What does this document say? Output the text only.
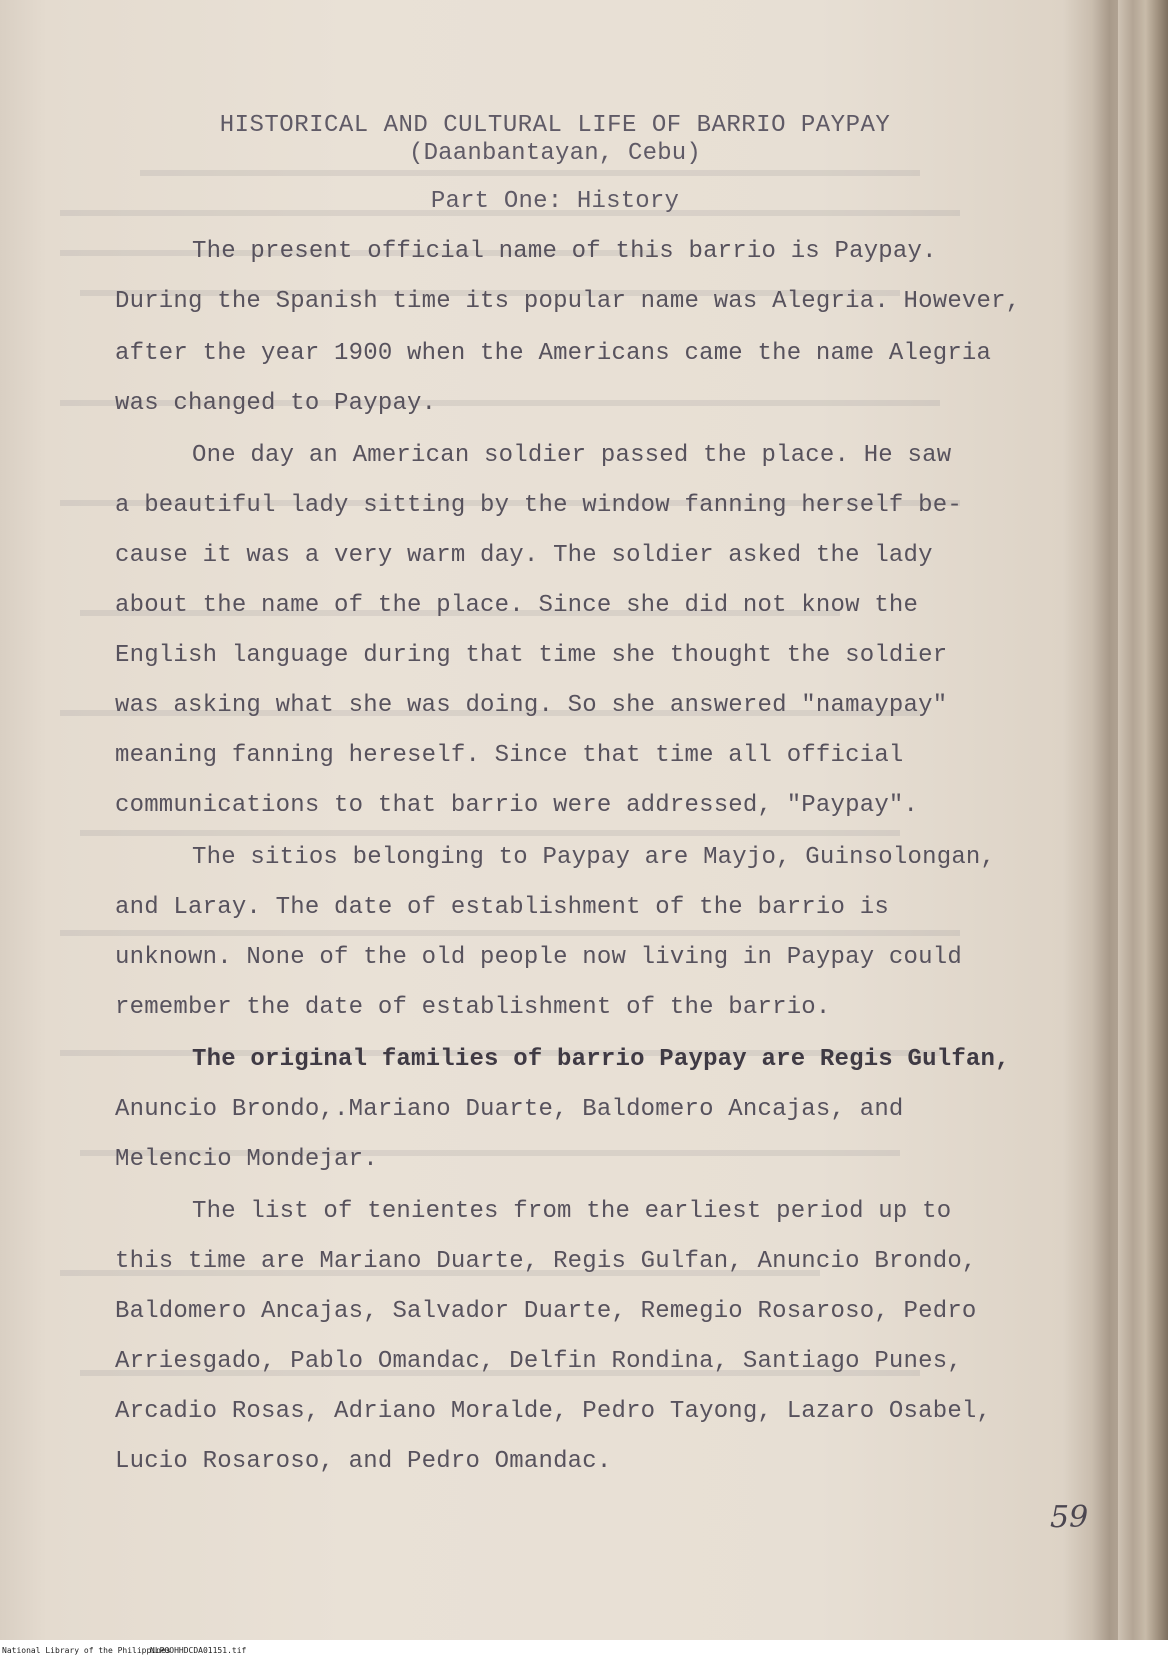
HISTORICAL AND CULTURAL LIFE OF BARRIO PAYPAY
(Daanbantayan, Cebu)
Part One: History
The present official name of this barrio is Paypay.
During the Spanish time its popular name was Alegria. However,
after the year 1900 when the Americans came the name Alegria
was changed to Paypay.
One day an American soldier passed the place. He saw
a beautiful lady sitting by the window fanning herself be-
cause it was a very warm day. The soldier asked the lady
about the name of the place. Since she did not know the
English language during that time she thought the soldier
was asking what she was doing. So she answered "namaypay"
meaning fanning hereself. Since that time all official
communications to that barrio were addressed, "Paypay".
The sitios belonging to Paypay are Mayjo, Guinsolongan,
and Laray. The date of establishment of the barrio is
unknown. None of the old people now living in Paypay could
remember the date of establishment of the barrio.
The original families of barrio Paypay are Regis Gulfan,
Anuncio Brondo,.Mariano Duarte, Baldomero Ancajas, and
Melencio Mondejar.
The list of tenientes from the earliest period up to
this time are Mariano Duarte, Regis Gulfan, Anuncio Brondo,
Baldomero Ancajas, Salvador Duarte, Remegio Rosaroso, Pedro
Arriesgado, Pablo Omandac, Delfin Rondina, Santiago Punes,
Arcadio Rosas, Adriano Moralde, Pedro Tayong, Lazaro Osabel,
Lucio Rosaroso, and Pedro Omandac.
59
National Library of the Philippines
NLPOOHHDCDA01151.tif
